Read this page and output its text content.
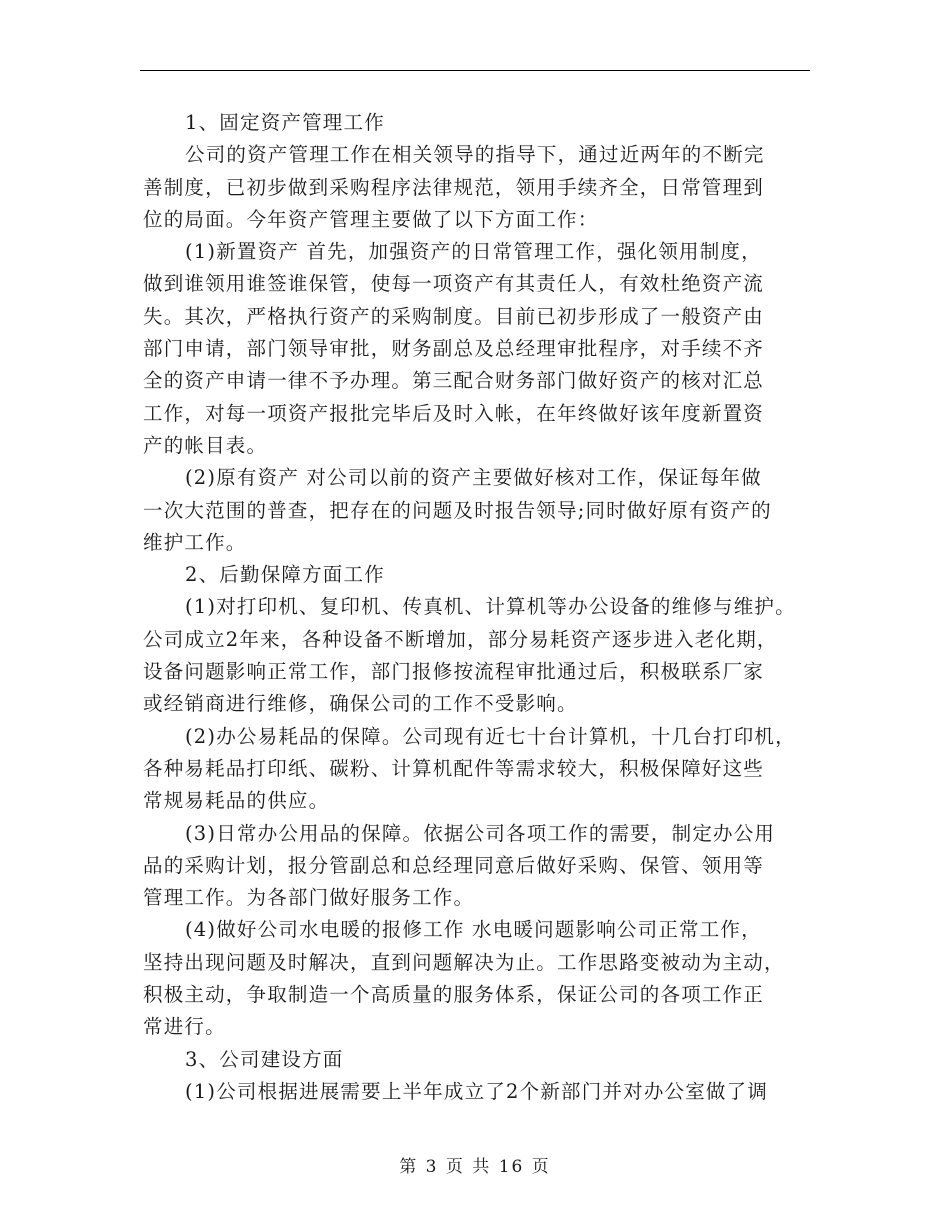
1、固定资产管理工作
公司的资产管理工作在相关领导的指导下，通过近两年的不断完
善制度，已初步做到采购程序法律规范，领用手续齐全，日常管理到
位的局面。今年资产管理主要做了以下方面工作：
(1)新置资产 首先，加强资产的日常管理工作，强化领用制度，
做到谁领用谁签谁保管，使每一项资产有其责任人，有效杜绝资产流
失。其次，严格执行资产的采购制度。目前已初步形成了一般资产由
部门申请，部门领导审批，财务副总及总经理审批程序，对手续不齐
全的资产申请一律不予办理。第三配合财务部门做好资产的核对汇总
工作，对每一项资产报批完毕后及时入帐，在年终做好该年度新置资
产的帐目表。
(2)原有资产 对公司以前的资产主要做好核对工作，保证每年做
一次大范围的普查，把存在的问题及时报告领导;同时做好原有资产的
维护工作。
2、后勤保障方面工作
(1)对打印机、复印机、传真机、计算机等办公设备的维修与维护。
公司成立2年来，各种设备不断增加，部分易耗资产逐步进入老化期，
设备问题影响正常工作，部门报修按流程审批通过后，积极联系厂家
或经销商进行维修，确保公司的工作不受影响。
(2)办公易耗品的保障。公司现有近七十台计算机，十几台打印机，
各种易耗品打印纸、碳粉、计算机配件等需求较大，积极保障好这些
常规易耗品的供应。
(3)日常办公用品的保障。依据公司各项工作的需要，制定办公用
品的采购计划，报分管副总和总经理同意后做好采购、保管、领用等
管理工作。为各部门做好服务工作。
(4)做好公司水电暖的报修工作 水电暖问题影响公司正常工作，
坚持出现问题及时解决，直到问题解决为止。工作思路变被动为主动，
积极主动，争取制造一个高质量的服务体系，保证公司的各项工作正
常进行。
3、公司建设方面
(1)公司根据进展需要上半年成立了2个新部门并对办公室做了调
第 3 页 共 16 页
